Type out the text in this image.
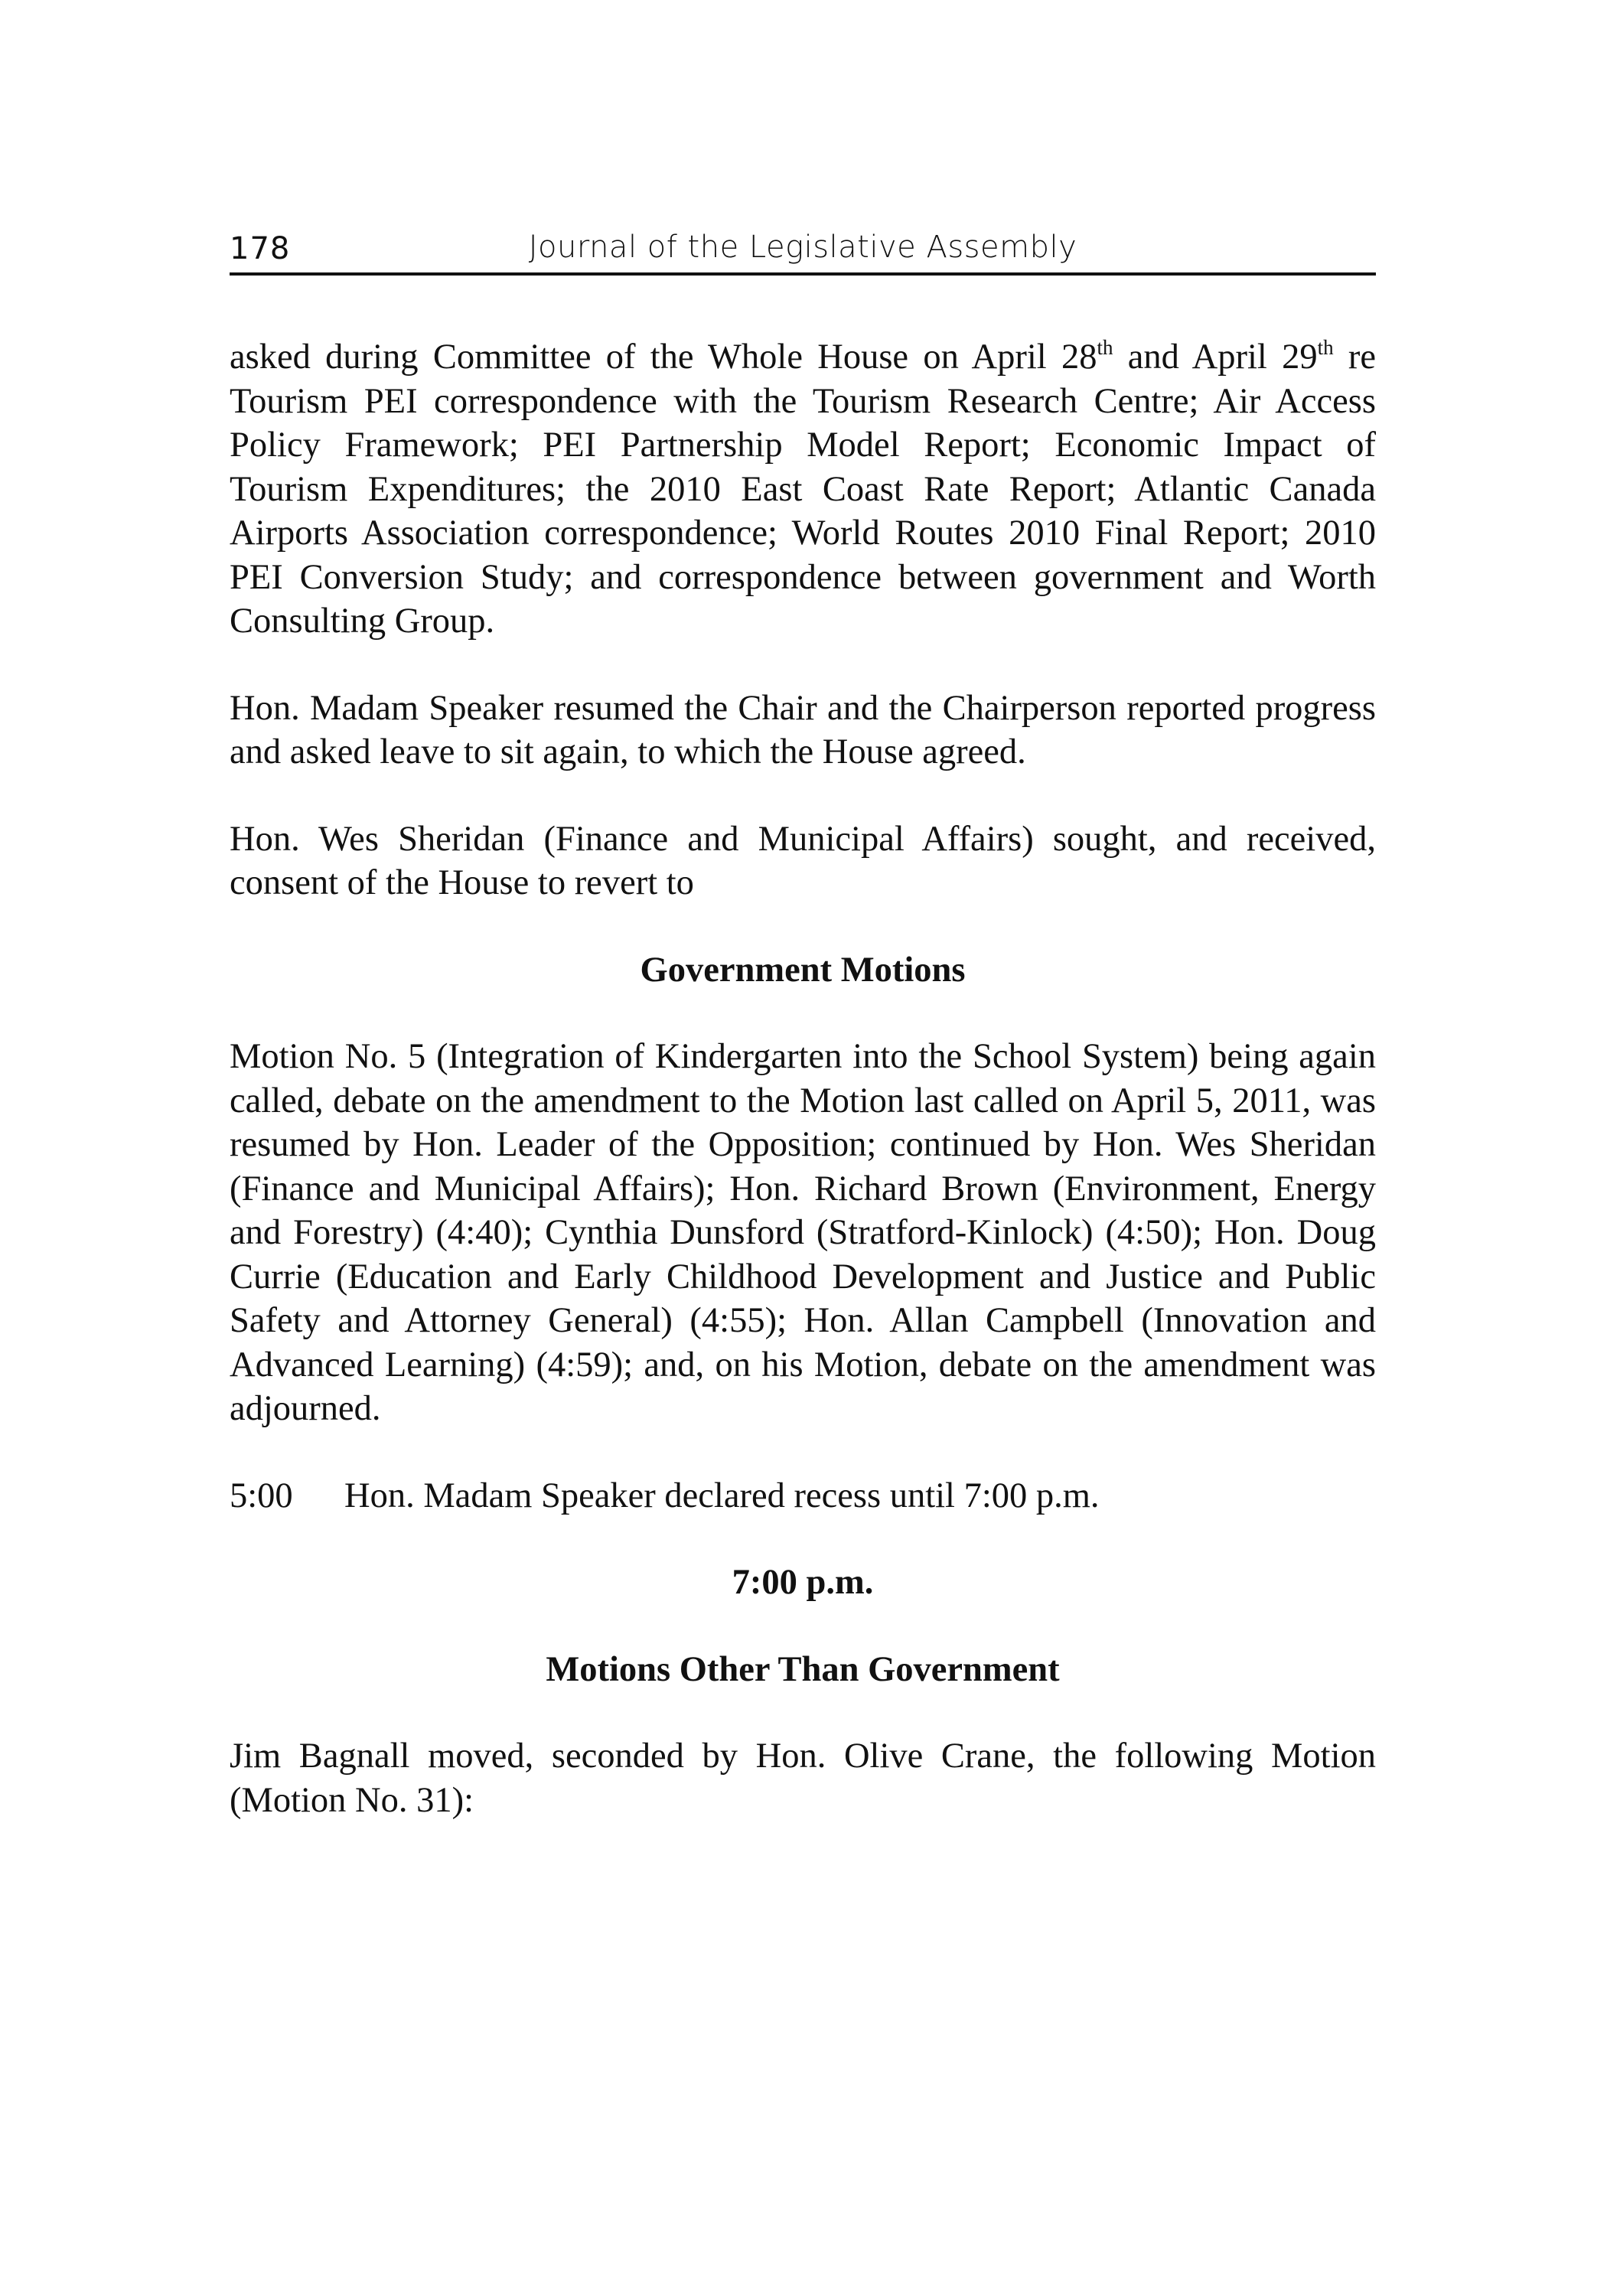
178	Journal of the Legislative Assembly

asked during Committee of the Whole House on April 28th and April 29th re Tourism PEI correspondence with the Tourism Research Centre; Air Access Policy Framework; PEI Partnership Model Report; Economic Impact of Tourism Expenditures; the 2010 East Coast Rate Report; Atlantic Canada Airports Association correspondence; World Routes 2010 Final Report; 2010 PEI Conversion Study; and correspondence between government and Worth Consulting Group.

Hon. Madam Speaker resumed the Chair and the Chairperson reported progress and asked leave to sit again, to which the House agreed.

Hon. Wes Sheridan (Finance and Municipal Affairs) sought, and received, consent of the House to revert to

Government Motions

Motion No. 5 (Integration of Kindergarten into the School System) being again called, debate on the amendment to the Motion last called on April 5, 2011, was resumed by Hon. Leader of the Opposition; continued by Hon. Wes Sheridan (Finance and Municipal Affairs); Hon. Richard Brown (Environment, Energy and Forestry) (4:40); Cynthia Dunsford (Stratford-Kinlock) (4:50); Hon. Doug Currie (Education and Early Childhood Development and Justice and Public Safety and Attorney General) (4:55); Hon. Allan Campbell (Innovation and Advanced Learning) (4:59); and, on his Motion, debate on the amendment was adjourned.

5:00	Hon. Madam Speaker declared recess until 7:00 p.m.
7:00 p.m.
Motions Other Than Government

Jim Bagnall moved, seconded by Hon. Olive Crane, the following Motion (Motion No. 31):
